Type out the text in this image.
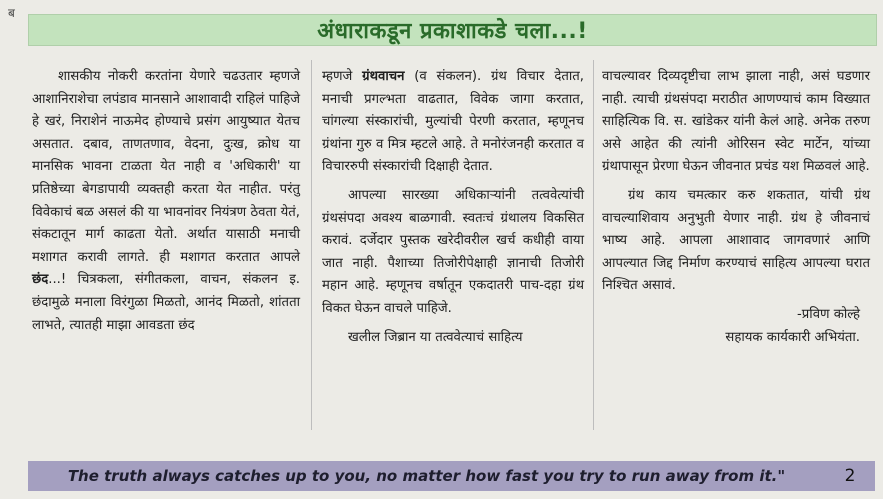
ब
अंधाराकडून प्रकाशाकडे चला...!

शासकीय नोकरी करतांना येणारे चढउतार म्हणजे आशानिराशेचा लपंडाव मानसाने आशावादी राहिलं पाहिजे हे खरं, निराशेनं नाऊमेद होण्याचे प्रसंग आयुष्यात येतच असतात. दबाव, ताणतणाव, वेदना, दुःख, क्रोध या मानसिक भावना टाळता येत नाही व 'अधिकारी' या प्रतिष्ठेच्या बेगडापायी व्यक्तही करता येत नाहीत. परंतु विवेकाचं बळ असलं की या भावनांवर नियंत्रण ठेवता येतं, संकटातून मार्ग काढता येतो. अर्थात यासाठी मनाची मशागत करावी लागते. ही मशागत करतात आपले छंद...! चित्रकला, संगीतकला, वाचन, संकलन इ. छंदामुळे मनाला विरंगुळा मिळतो, आनंद मिळतो, शांतता लाभते, त्यातही माझा आवडता छंद

म्हणजे ग्रंथवाचन (व संकलन). ग्रंथ विचार देतात, मनाची प्रगल्भता वाढतात, विवेक जागा करतात, चांगल्या संस्कारांची, मुल्यांची पेरणी करतात, म्हणूनच ग्रंथांना गुरु व मित्र म्हटले आहे. ते मनोरंजनही करतात व विचाररुपी संस्कारांची दिक्षाही देतात.

आपल्या सारख्या अधिकाऱ्यांनी तत्ववेत्यांची ग्रंथसंपदा अवश्य बाळगावी. स्वतःचं ग्रंथालय विकसित करावं. दर्जेदार पुस्तक खरेदीवरील खर्च कधीही वाया जात नाही. पैशाच्या तिजोरीपेक्षाही ज्ञानाची तिजोरी महान आहे. म्हणूनच वर्षातून एकदातरी पाच-दहा ग्रंथ विकत घेऊन वाचले पाहिजे.

खलील जिब्रान या तत्ववेत्याचं साहित्य

वाचल्यावर दिव्यदृष्टीचा लाभ झाला नाही, असं घडणार नाही. त्याची ग्रंथसंपदा मराठीत आणण्याचं काम विख्यात साहित्यिक वि. स. खांडेकर यांनी केलं आहे. अनेक तरुण असे आहेत की त्यांनी ओरिसन स्वेट मार्टेन, यांच्या ग्रंथापासून प्रेरणा घेऊन जीवनात प्रचंड यश मिळवलं आहे.

ग्रंथ काय चमत्कार करु शकतात, यांची ग्रंथ वाचल्याशिवाय अनुभुती येणार नाही. ग्रंथ हे जीवनाचं भाष्य आहे. आपला आशावाद जागवणारं आणि आपल्यात जिद्द निर्माण करण्याचं साहित्य आपल्या घरात निश्चित असावं.

-प्रविण कोल्हे
सहायक कार्यकारी अभियंता.
The truth always catches up to you, no matter how fast you try to run away from it."	2
